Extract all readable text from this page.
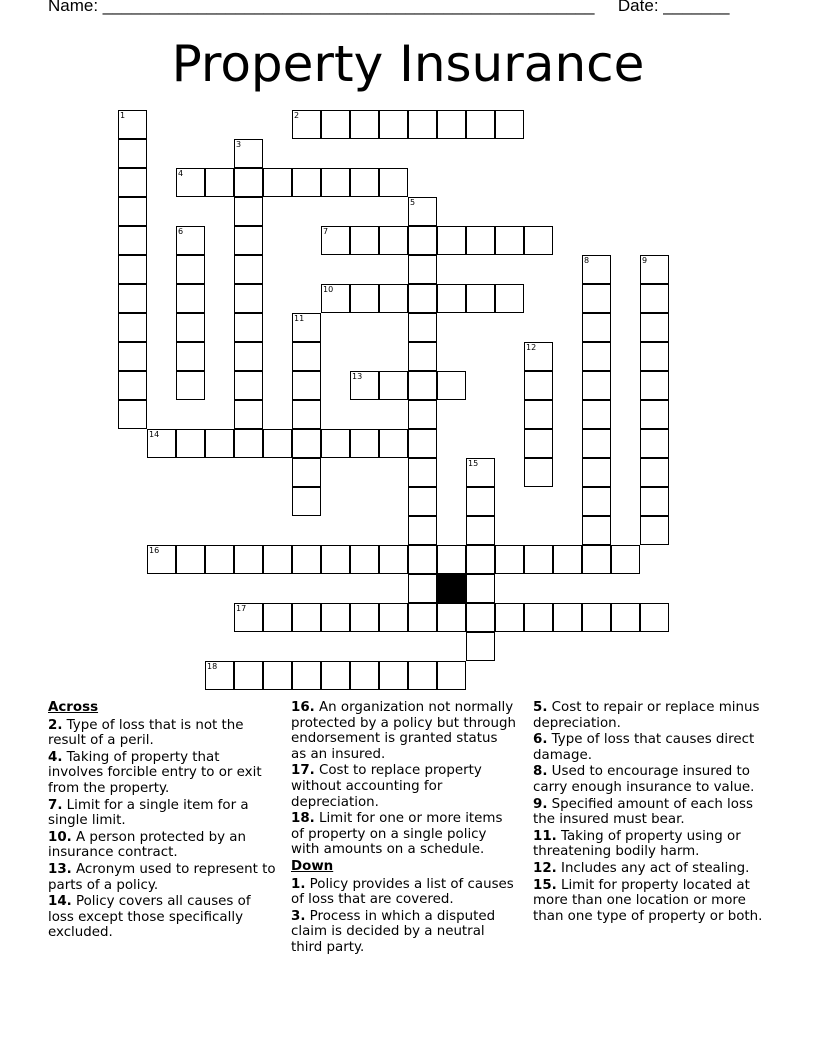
Name: ____________________________________________________ Date: _______
Property Insurance
2
4
7
10
13
14
16
17
18
1
3
5
6
8	9
11
12
15
Across
2. Type of loss that is not the result of a peril.
4. Taking of property that involves forcible entry to or exit from the property.
7. Limit for a single item for a single limit.
10. A person protected by an insurance contract.
13. Acronym used to represent to parts of a policy.
14. Policy covers all causes of loss except those specifically excluded.
16. An organization not normally protected by a policy but through endorsement is granted status as an insured.
17. Cost to replace property without accounting for depreciation.
18. Limit for one or more items of property on a single policy with amounts on a schedule.
Down
1. Policy provides a list of causes of loss that are covered.
3. Process in which a disputed claim is decided by a neutral third party.
5. Cost to repair or replace minus depreciation.
6. Type of loss that causes direct damage.
8. Used to encourage insured to carry enough insurance to value.
9. Specified amount of each loss the insured must bear.
11. Taking of property using or threatening bodily harm.
12. Includes any act of stealing.
15. Limit for property located at more than one location or more than one type of property or both.
